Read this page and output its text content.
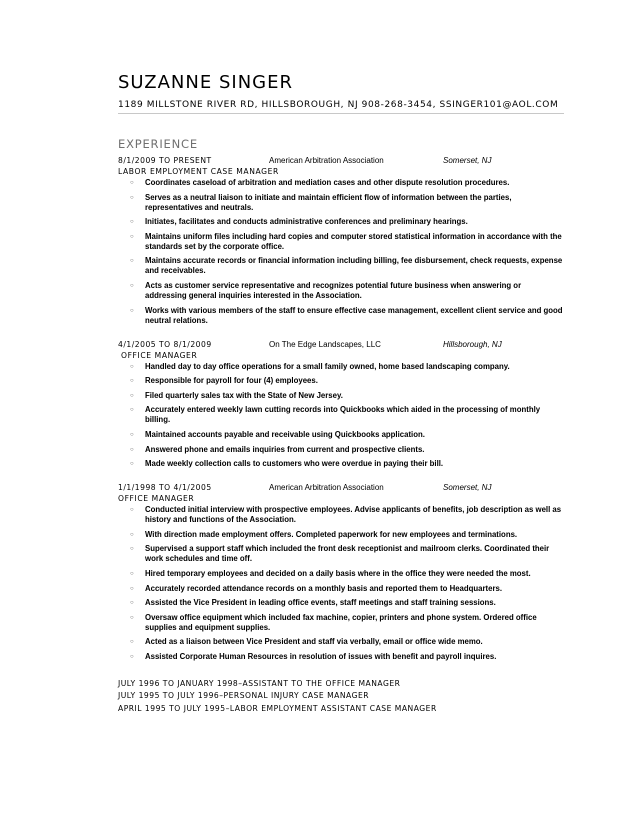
SUZANNE SINGER
1189 MILLSTONE RIVER RD, HILLSBOROUGH, NJ 908-268-3454, SSINGER101@AOL.COM
EXPERIENCE
8/1/2009 TO PRESENT	American Arbitration Association	Somerset, NJ
LABOR EMPLOYMENT CASE MANAGER
○ Coordinates caseload of arbitration and mediation cases and other dispute resolution procedures.
○ Serves as a neutral liaison to initiate and maintain efficient flow of information between the parties, representatives and neutrals.
○ Initiates, facilitates and conducts administrative conferences and preliminary hearings.
○ Maintains uniform files including hard copies and computer stored statistical information in accordance with the standards set by the corporate office.
○ Maintains accurate records or financial information including billing, fee disbursement, check requests, expense and receivables.
○ Acts as customer service representative and recognizes potential future business when answering or addressing general inquiries interested in the Association.
○ Works with various members of the staff to ensure effective case management, excellent client service and good neutral relations.
4/1/2005 TO 8/1/2009	On The Edge Landscapes, LLC	Hillsborough, NJ
OFFICE MANAGER
○ Handled day to day office operations for a small family owned, home based landscaping company.
○ Responsible for payroll for four (4) employees.
○ Filed quarterly sales tax with the State of New Jersey.
○ Accurately entered weekly lawn cutting records into Quickbooks which aided in the processing of monthly billing.
○ Maintained accounts payable and receivable using Quickbooks application.
○ Answered phone and emails inquiries from current and prospective clients.
○ Made weekly collection calls to customers who were overdue in paying their bill.
1/1/1998 TO 4/1/2005	American Arbitration Association	Somerset, NJ
OFFICE MANAGER
○ Conducted initial interview with prospective employees. Advise applicants of benefits, job description as well as history and functions of the Association.
○ With direction made employment offers. Completed paperwork for new employees and terminations.
○ Supervised a support staff which included the front desk receptionist and mailroom clerks. Coordinated their work schedules and time off.
○ Hired temporary employees and decided on a daily basis where in the office they were needed the most.
○ Accurately recorded attendance records on a monthly basis and reported them to Headquarters.
○ Assisted the Vice President in leading office events, staff meetings and staff training sessions.
○ Oversaw office equipment which included fax machine, copier, printers and phone system. Ordered office supplies and equipment supplies.
○ Acted as a liaison between Vice President and staff via verbally, email or office wide memo.
○ Assisted Corporate Human Resources in resolution of issues with benefit and payroll inquires.
JULY 1996 TO JANUARY 1998–ASSISTANT TO THE OFFICE MANAGER
JULY 1995 TO JULY 1996–PERSONAL INJURY CASE MANAGER
APRIL 1995 TO JULY 1995–LABOR EMPLOYMENT ASSISTANT CASE MANAGER
